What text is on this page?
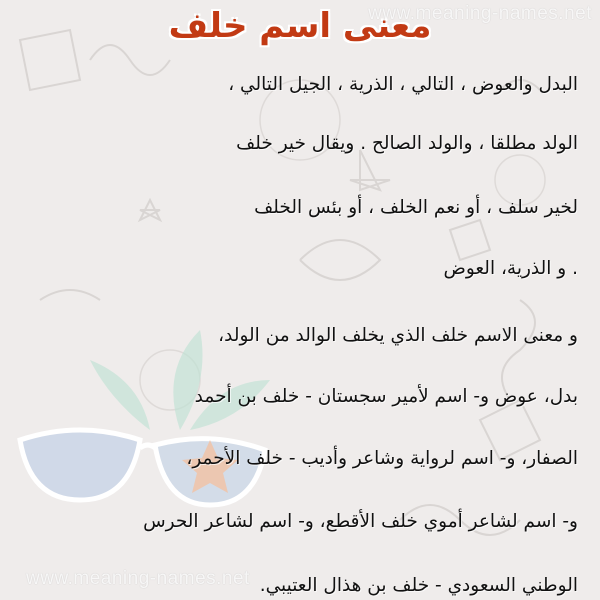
www.meaning-names.net
معنى اسم خلف
البدل والعوض ، التالي ، الذرية ، الجيل التالي ،
الولد مطلقا ، والولد الصالح . ويقال خير خلف
لخير سلف ، أو نعم الخلف ، أو بئس الخلف
. و الذرية، العوض
و معنى الاسم خلف الذي يخلف الوالد من الولد،
بدل، عوض و- اسم لأمير سجستان - خلف بن أحمد
الصفار، و- اسم لرواية وشاعر وأديب - خلف الأحمر،
و- اسم لشاعر أموي خلف الأقطع، و- اسم لشاعر الحرس
الوطني السعودي - خلف بن هذال العتيبي.
www.meaning-names.net
